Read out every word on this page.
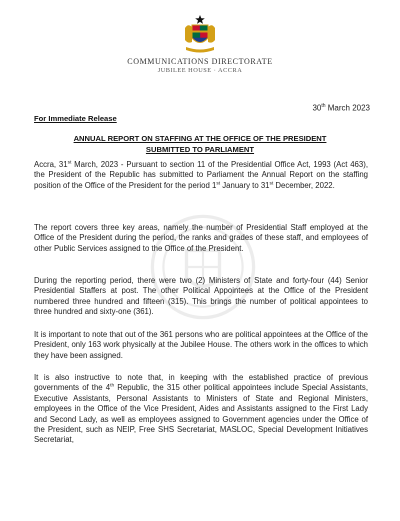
COMMUNICATIONS DIRECTORATE
JUBILEE HOUSE · ACCRA
30th March 2023
For Immediate Release
ANNUAL REPORT ON STAFFING AT THE OFFICE OF THE PRESIDENT
SUBMITTED TO PARLIAMENT

Accra, 31st March, 2023 - Pursuant to section 11 of the Presidential Office Act, 1993 (Act 463), the President of the Republic has submitted to Parliament the Annual Report on the staffing position of the Office of the President for the period 1st January to 31st December, 2022.

The report covers three key areas, namely the number of Presidential Staff employed at the Office of the President during the period, the ranks and grades of these staff, and employees of other Public Services assigned to the Office of the President.

During the reporting period, there were two (2) Ministers of State and forty-four (44) Senior Presidential Staffers at post. The other Political Appointees at the Office of the President numbered three hundred and fifteen (315). This brings the number of political appointees to three hundred and sixty-one (361).

It is important to note that out of the 361 persons who are political appointees at the Office of the President, only 163 work physically at the Jubilee House. The others work in the offices to which they have been assigned.

It is also instructive to note that, in keeping with the established practice of previous governments of the 4th Republic, the 315 other political appointees include Special Assistants, Executive Assistants, Personal Assistants to Ministers of State and Regional Ministers, employees in the Office of the Vice President, Aides and Assistants assigned to the First Lady and Second Lady, as well as employees assigned to Government agencies under the Office of the President, such as NEIP, Free SHS Secretariat, MASLOC, Special Development Initiatives Secretariat,
